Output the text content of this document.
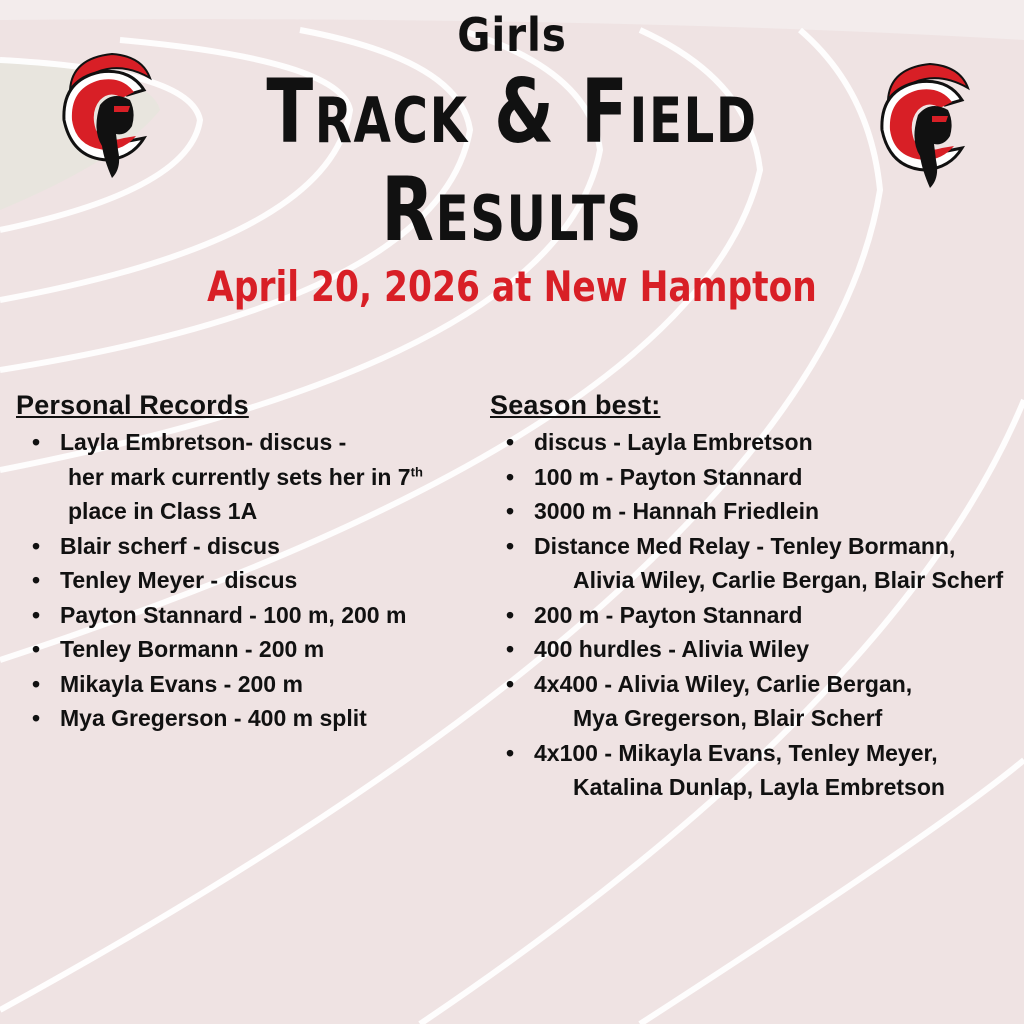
Girls
Track & Field
Results
April 20, 2026 at New Hampton
Personal Records
• Layla Embretson- discus -
her mark currently sets her in 7th
place in Class 1A
• Blair scherf - discus
• Tenley Meyer - discus
• Payton Stannard - 100 m, 200 m
• Tenley Bormann - 200 m
• Mikayla Evans - 200 m
• Mya Gregerson - 400 m split
Season best:
• discus - Layla Embretson
• 100 m - Payton Stannard
• 3000 m - Hannah Friedlein
• Distance Med Relay - Tenley Bormann,
Alivia Wiley, Carlie Bergan, Blair Scherf
• 200 m - Payton Stannard
• 400 hurdles - Alivia Wiley
• 4x400 - Alivia Wiley, Carlie Bergan,
Mya Gregerson, Blair Scherf
• 4x100 - Mikayla Evans, Tenley Meyer,
Katalina Dunlap, Layla Embretson
